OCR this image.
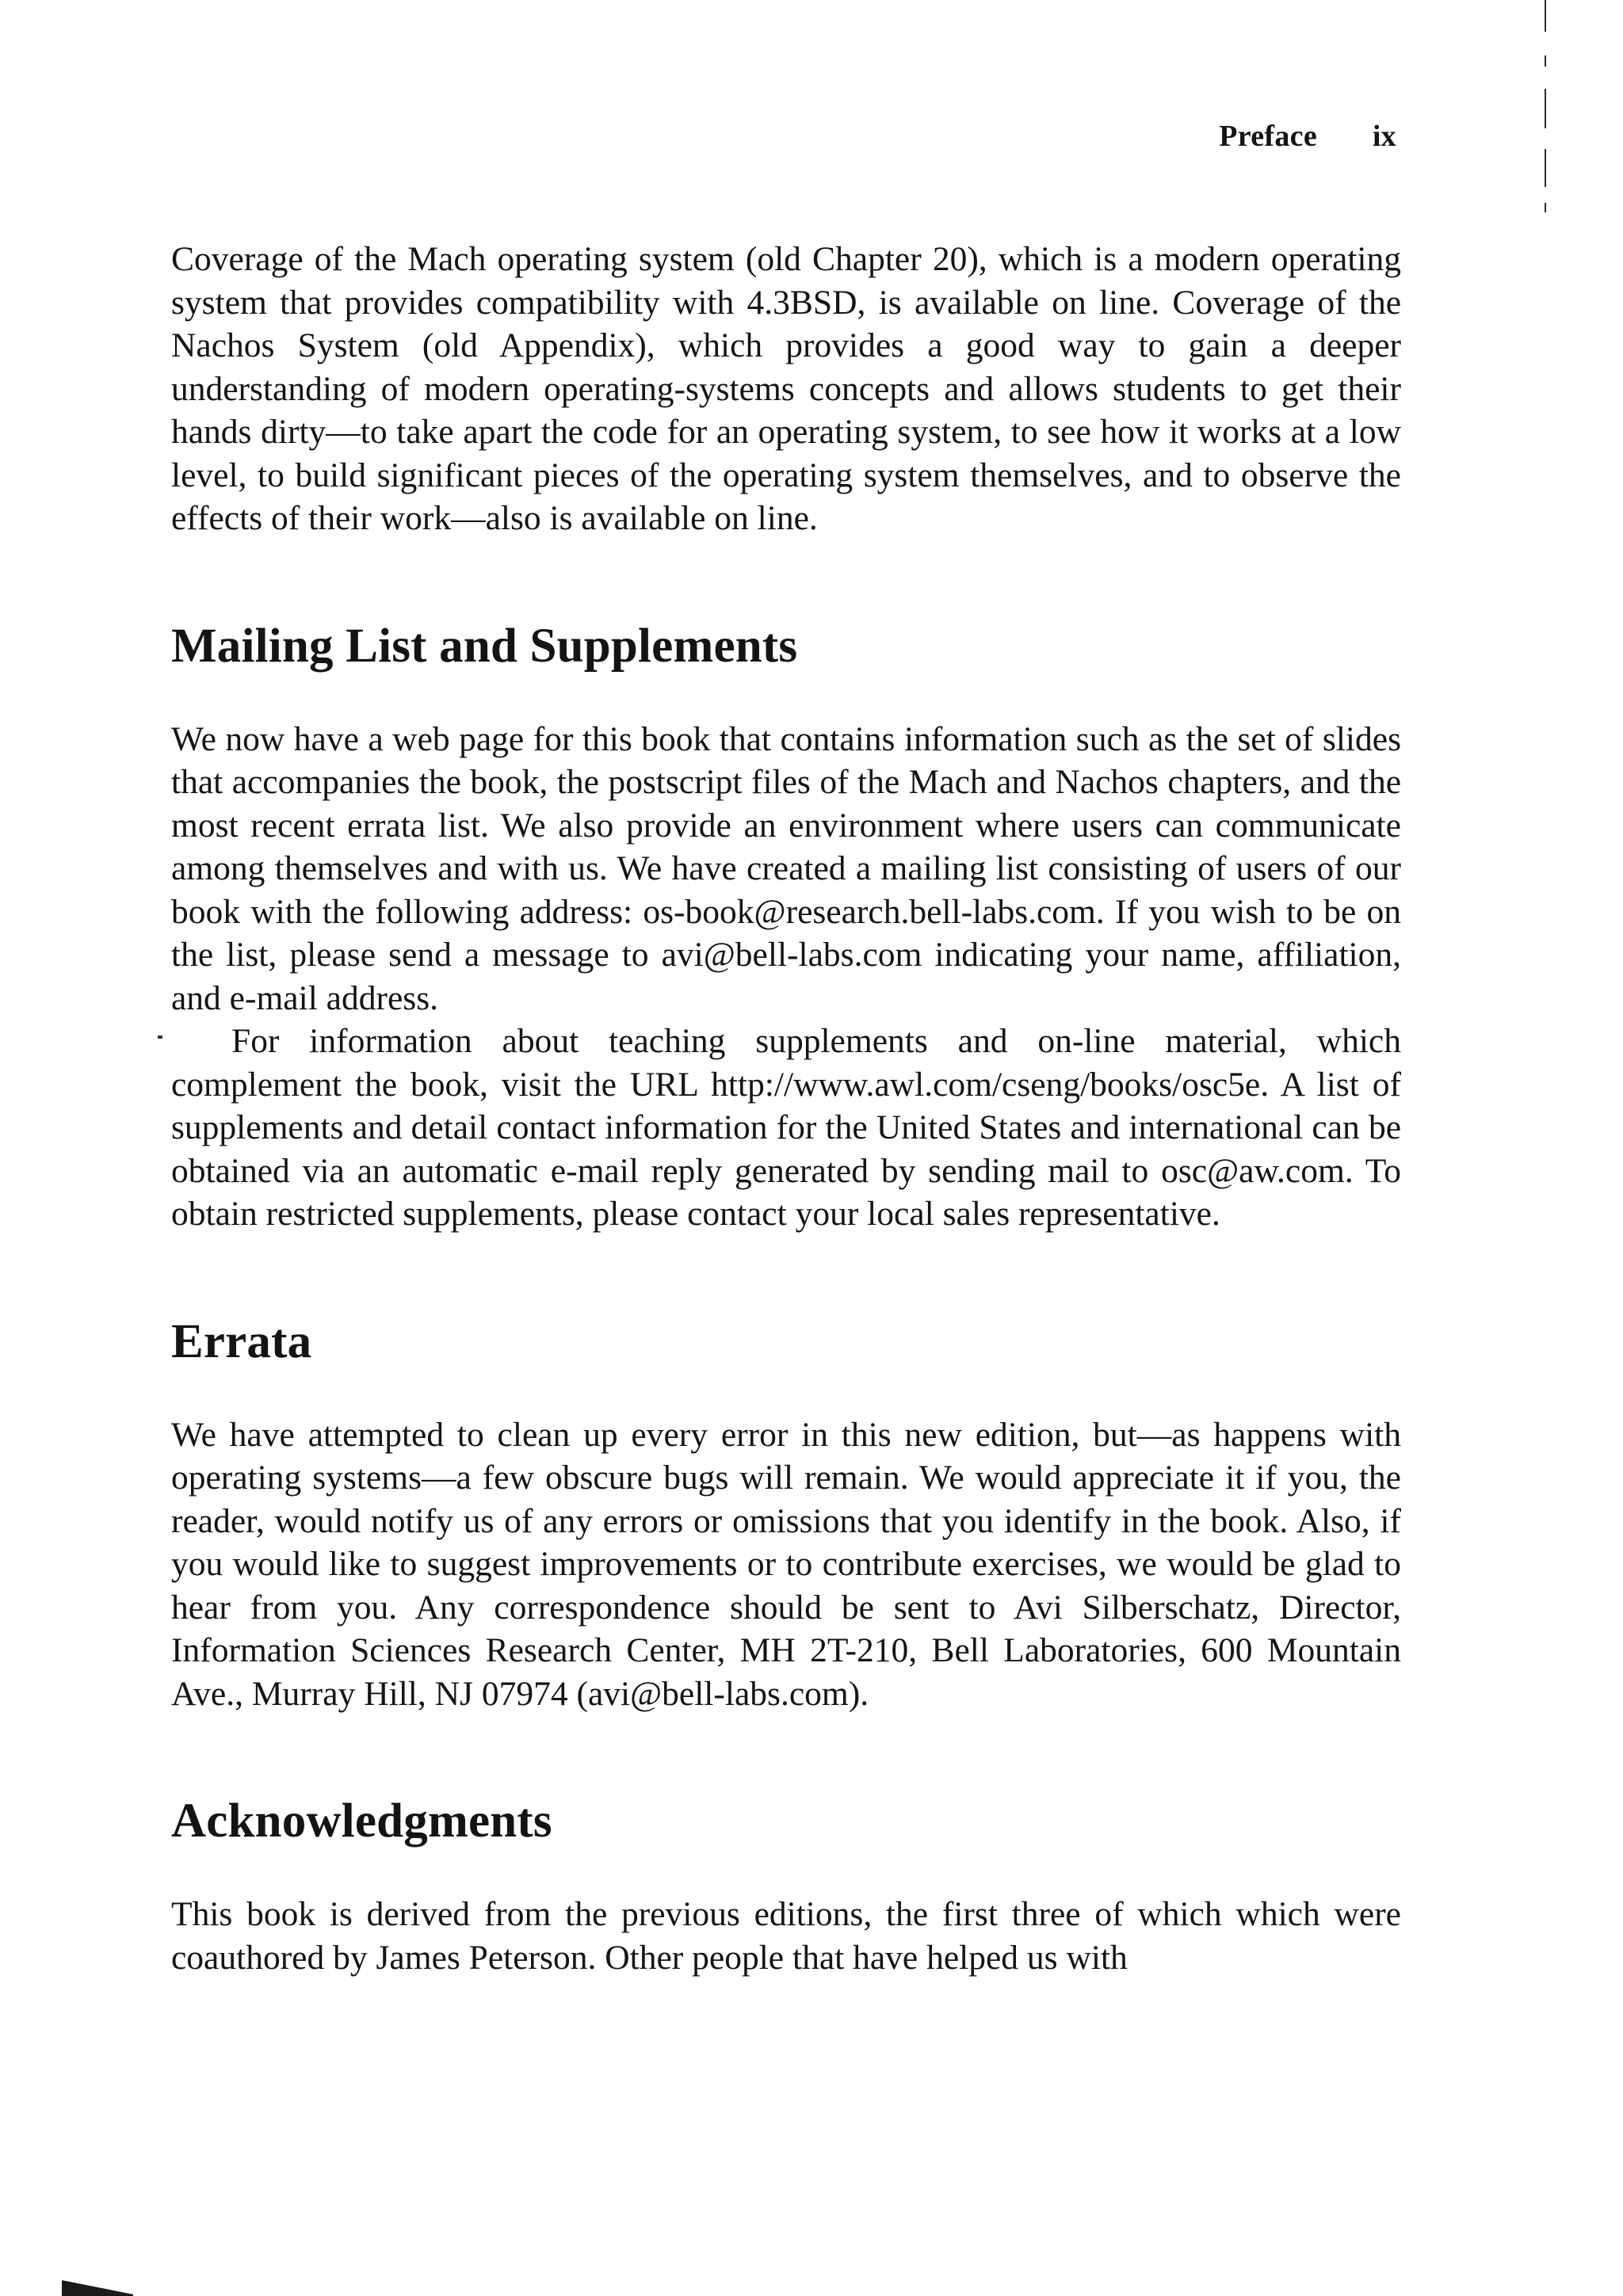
Preface ix

Coverage of the Mach operating system (old Chapter 20), which is a modern operating system that provides compatibility with 4.3BSD, is available on line. Coverage of the Nachos System (old Appendix), which provides a good way to gain a deeper understanding of modern operating-systems concepts and allows students to get their hands dirty—to take apart the code for an operating system, to see how it works at a low level, to build significant pieces of the operating system themselves, and to observe the effects of their work—also is available on line.

Mailing List and Supplements

We now have a web page for this book that contains information such as the set of slides that accompanies the book, the postscript files of the Mach and Nachos chapters, and the most recent errata list. We also provide an environment where users can communicate among themselves and with us. We have created a mailing list consisting of users of our book with the following address: os-book@research.bell-labs.com. If you wish to be on the list, please send a message to avi@bell-labs.com indicating your name, affiliation, and e-mail address.

For information about teaching supplements and on-line material, which complement the book, visit the URL http://www.awl.com/cseng/books/osc5e. A list of supplements and detail contact information for the United States and international can be obtained via an automatic e-mail reply generated by sending mail to osc@aw.com. To obtain restricted supplements, please contact your local sales representative.

Errata

We have attempted to clean up every error in this new edition, but—as happens with operating systems—a few obscure bugs will remain. We would appreciate it if you, the reader, would notify us of any errors or omissions that you identify in the book. Also, if you would like to suggest improvements or to contribute exercises, we would be glad to hear from you. Any correspondence should be sent to Avi Silberschatz, Director, Information Sciences Research Center, MH 2T-210, Bell Laboratories, 600 Mountain Ave., Murray Hill, NJ 07974 (avi@bell-labs.com).

Acknowledgments

This book is derived from the previous editions, the first three of which which were coauthored by James Peterson. Other people that have helped us with
